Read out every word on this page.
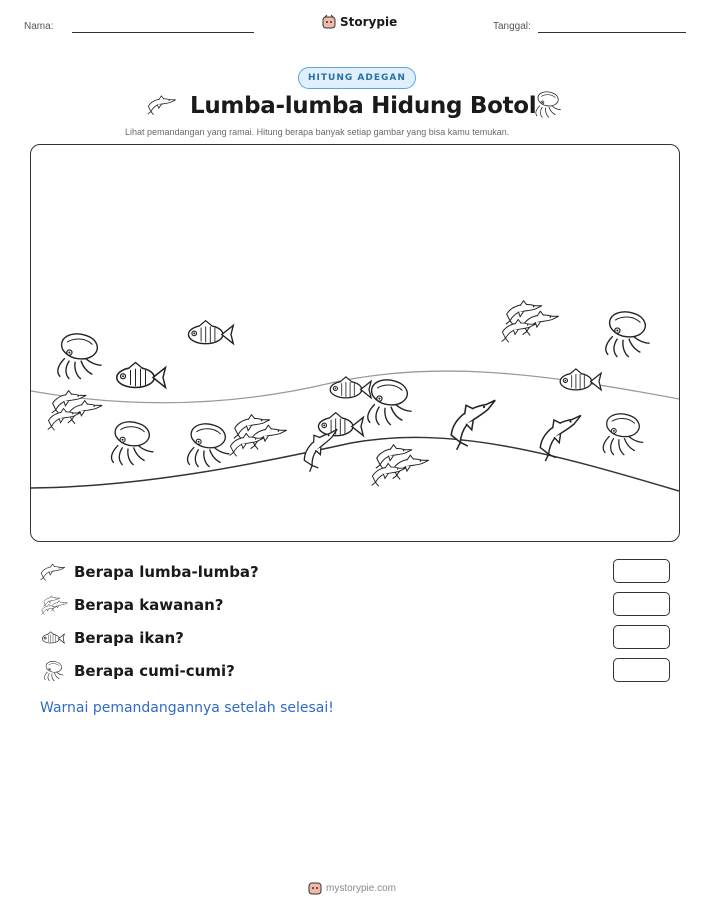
Nama:	Storypie	Tanggal:
HITUNG ADEGAN
Lumba-lumba Hidung Botol
Lihat pemandangan yang ramai. Hitung berapa banyak setiap gambar yang bisa kamu temukan.
Berapa lumba-lumba?
Berapa kawanan?
Berapa ikan?
Berapa cumi-cumi?
Warnai pemandangannya setelah selesai!
mystorypie.com
